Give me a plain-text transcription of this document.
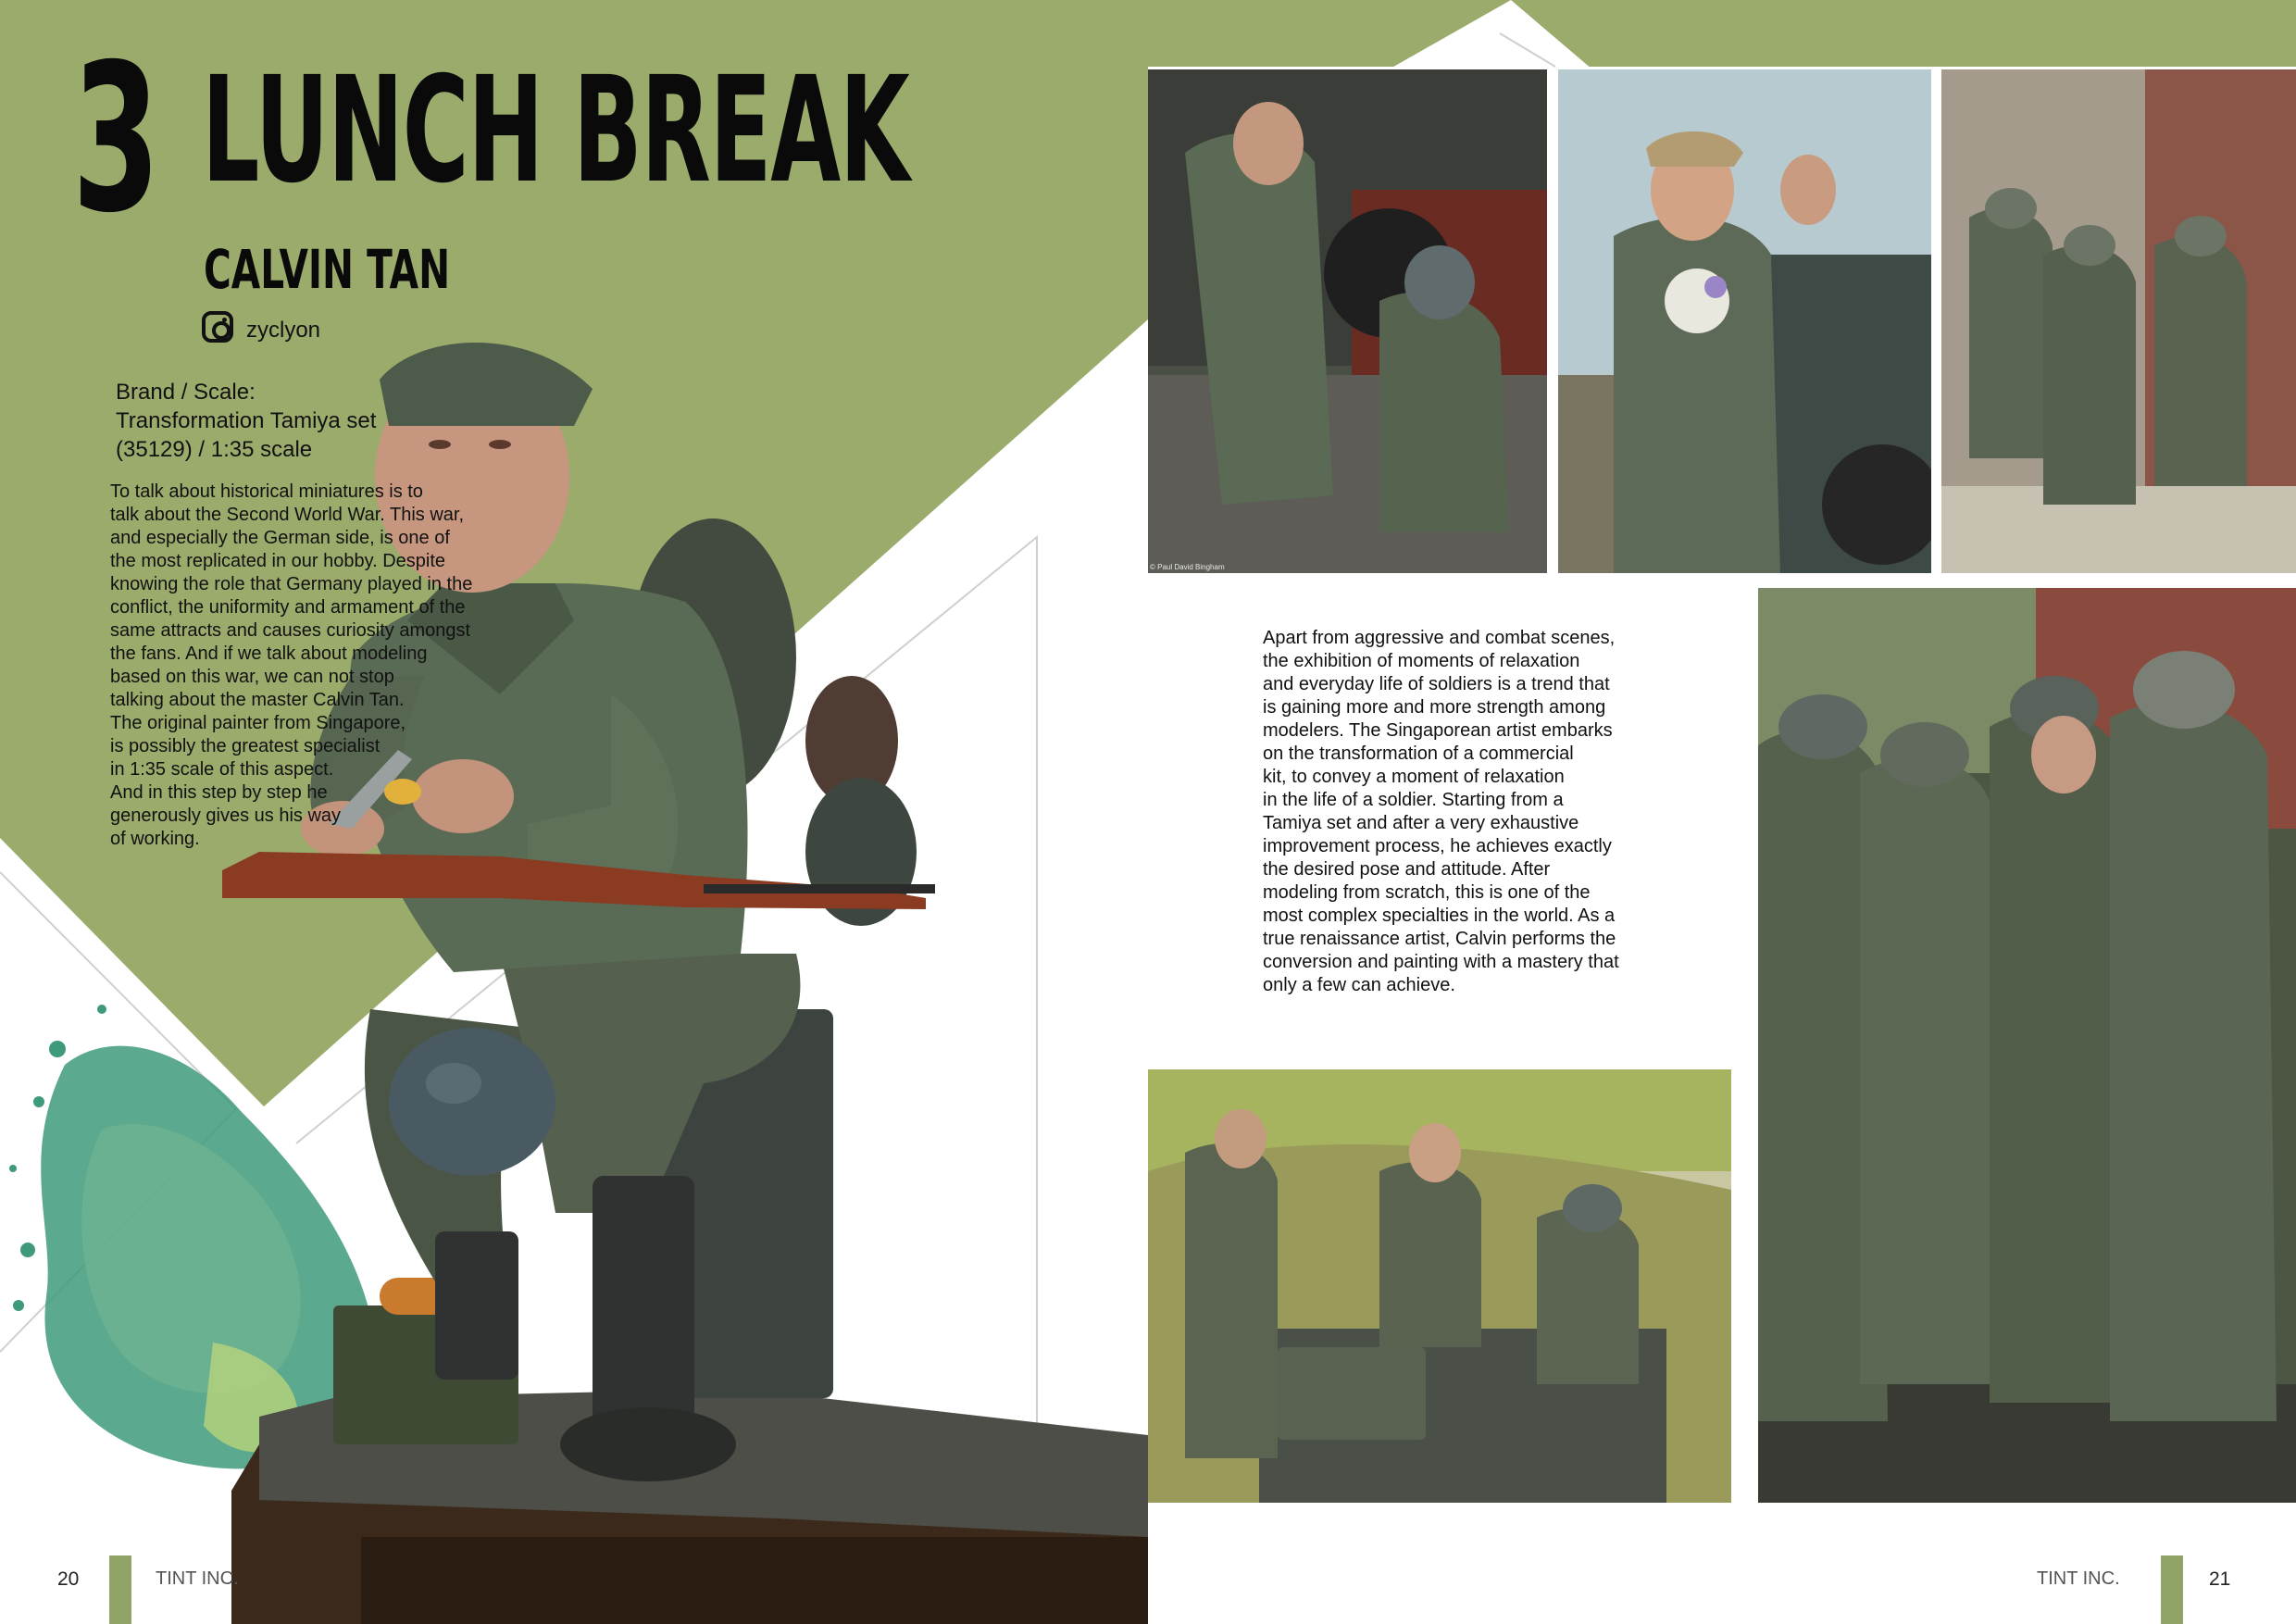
© Paul David Bingham
3 LUNCH BREAK
CALVIN TAN
zyclyon
Brand / Scale:
Transformation Tamiya set
(35129) / 1:35 scale
To talk about historical miniatures is to
talk about the Second World War. This war,
and especially the German side, is one of
the most replicated in our hobby. Despite
knowing the role that Germany played in the
conflict, the uniformity and armament of the
same attracts and causes curiosity amongst
the fans. And if we talk about modeling
based on this war, we can not stop
talking about the master Calvin Tan.
The original painter from Singapore,
is possibly the greatest specialist
in 1:35 scale of this aspect.
And in this step by step he
generously gives us his way
of working.
Apart from aggressive and combat scenes,
the exhibition of moments of relaxation
and everyday life of soldiers is a trend that
is gaining more and more strength among
modelers. The Singaporean artist embarks
on the transformation of a commercial
kit, to convey a moment of relaxation
in the life of a soldier. Starting from a
Tamiya set and after a very exhaustive
improvement process, he achieves exactly
the desired pose and attitude. After
modeling from scratch, this is one of the
most complex specialties in the world. As a
true renaissance artist, Calvin performs the
conversion and painting with a mastery that
only a few can achieve.
20	TINT INC.	TINT INC.	21
